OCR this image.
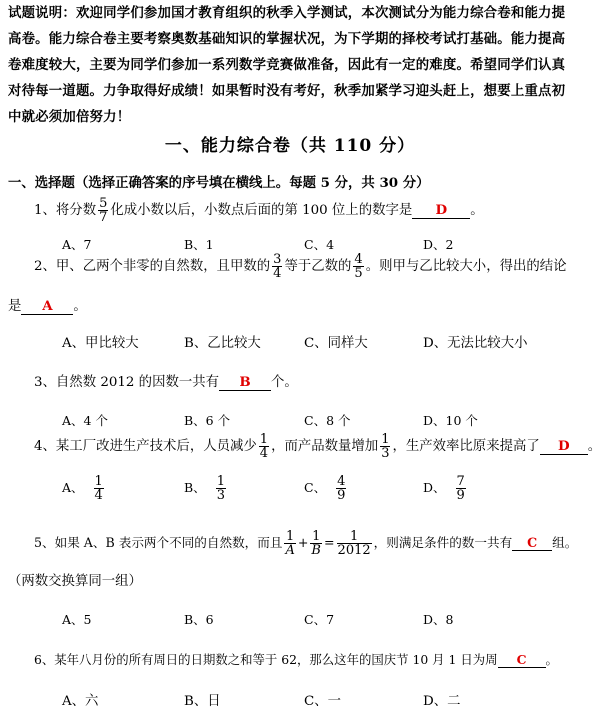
试题说明：欢迎同学们参加国才教育组织的秋季入学测试，本次测试分为能力综合卷和能力提高卷。能力综合卷主要考察奥数基础知识的掌握状况，为下学期的择校考试打基础。能力提高卷难度较大，主要为同学们参加一系列数学竞赛做准备，因此有一定的难度。希望同学们认真对待每一道题。力争取得好成绩！如果暂时没有考好，秋季加紧学习迎头赶上，想要上重点初中就必须加倍努力！
一、能力综合卷（共 110 分）
一、选择题（选择正确答案的序号填在横线上。每题 5 分，共 30 分）
1、将分数 $\frac{5}{7}$ 化成小数以后，小数点后面的第 100 位上的数字是 D 。
A、7	B、1	C、4	D、2
2、甲、乙两个非零的自然数，且甲数的 $\frac{3}{4}$ 等于乙数的 $\frac{4}{5}$ 。则甲与乙比较大小，得出的结论
是 A 。
A、甲比较大	B、乙比较大	C、同样大	D、无法比较大小
3、自然数 2012 的因数一共有 B 个。
A、4 个	B、6 个	C、8 个	D、10 个
4、某工厂改进生产技术后，人员减少 $\frac{1}{4}$ ，而产品数量增加 $\frac{1}{3}$ ，生产效率比原来提高了 D 。
A、 $\frac{1}{4}$	B、 $\frac{1}{3}$	C、 $\frac{4}{9}$	D、 $\frac{7}{9}$
5、如果 A、B 表示两个不同的自然数，而且 $\frac{1}{A} + \frac{1}{B} = \frac{1}{2012}$ ，则满足条件的数一共有 C 组。
（两数交换算同一组）
A、5	B、6	C、7	D、8
6、某年八月份的所有周日的日期数之和等于 62，那么这年的国庆节 10 月 1 日为周 C 。
A、六	B、日	C、一	D、二
